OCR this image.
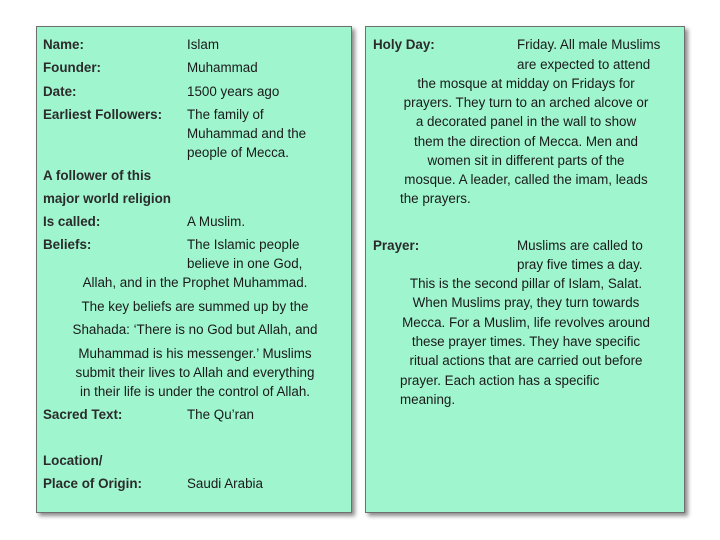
Name:	Islam
Founder:	Muhammad
Date:	1500 years ago
Earliest Followers: The family of
Muhammad and the
people of Mecca.
A follower of this
major world religion
Is called:	A Muslim.
Beliefs:	The Islamic people
believe in one God,
Allah, and in the Prophet Muhammad.
The key beliefs are summed up by the
Shahada: ‘There is no God but Allah, and
Muhammad is his messenger.’ Muslims
submit their lives to Allah and everything
in their life is under the control of Allah.
Sacred Text:	The Qu’ran
Location/
Place of Origin:	Saudi Arabia
Holy Day:	Friday. All male Muslims
are expected to attend
the mosque at midday on Fridays for
prayers. They turn to an arched alcove or
a decorated panel in the wall to show
them the direction of Mecca. Men and
women sit in different parts of the
mosque. A leader, called the imam, leads
the prayers.
Prayer:	Muslims are called to
pray five times a day.
This is the second pillar of Islam, Salat.
When Muslims pray, they turn towards
Mecca. For a Muslim, life revolves around
these prayer times. They have specific
ritual actions that are carried out before
prayer. Each action has a specific
meaning.
